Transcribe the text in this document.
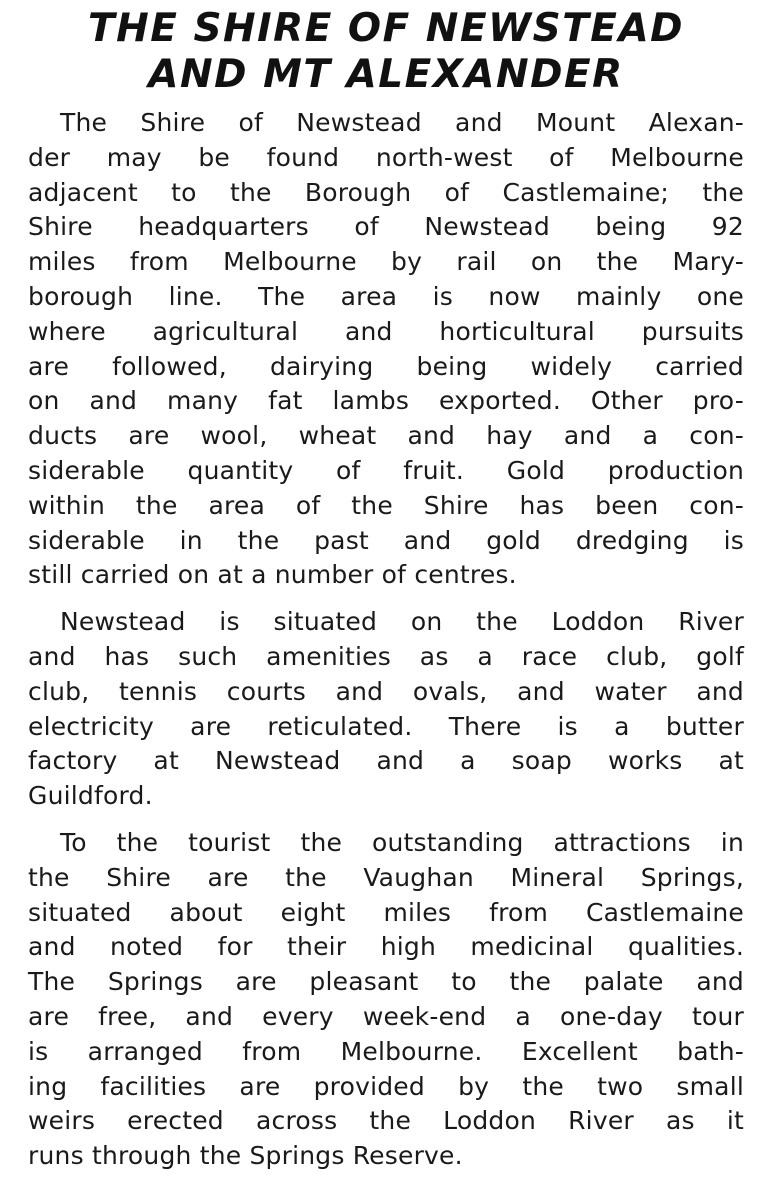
THE SHIRE OF NEWSTEAD
AND MT ALEXANDER
The Shire of Newstead and Mount Alexan-
der may be found north-west of Melbourne
adjacent to the Borough of Castlemaine; the
Shire headquarters of Newstead being 92
miles from Melbourne by rail on the Mary-
borough line. The area is now mainly one
where agricultural and horticultural pursuits
are followed, dairying being widely carried
on and many fat lambs exported. Other pro-
ducts are wool, wheat and hay and a con-
siderable quantity of fruit. Gold production
within the area of the Shire has been con-
siderable in the past and gold dredging is
still carried on at a number of centres.
Newstead is situated on the Loddon River
and has such amenities as a race club, golf
club, tennis courts and ovals, and water and
electricity are reticulated. There is a butter
factory at Newstead and a soap works at
Guildford.
To the tourist the outstanding attractions in
the Shire are the Vaughan Mineral Springs,
situated about eight miles from Castlemaine
and noted for their high medicinal qualities.
The Springs are pleasant to the palate and
are free, and every week-end a one-day tour
is arranged from Melbourne. Excellent bath-
ing facilities are provided by the two small
weirs erected across the Loddon River as it
runs through the Springs Reserve.
